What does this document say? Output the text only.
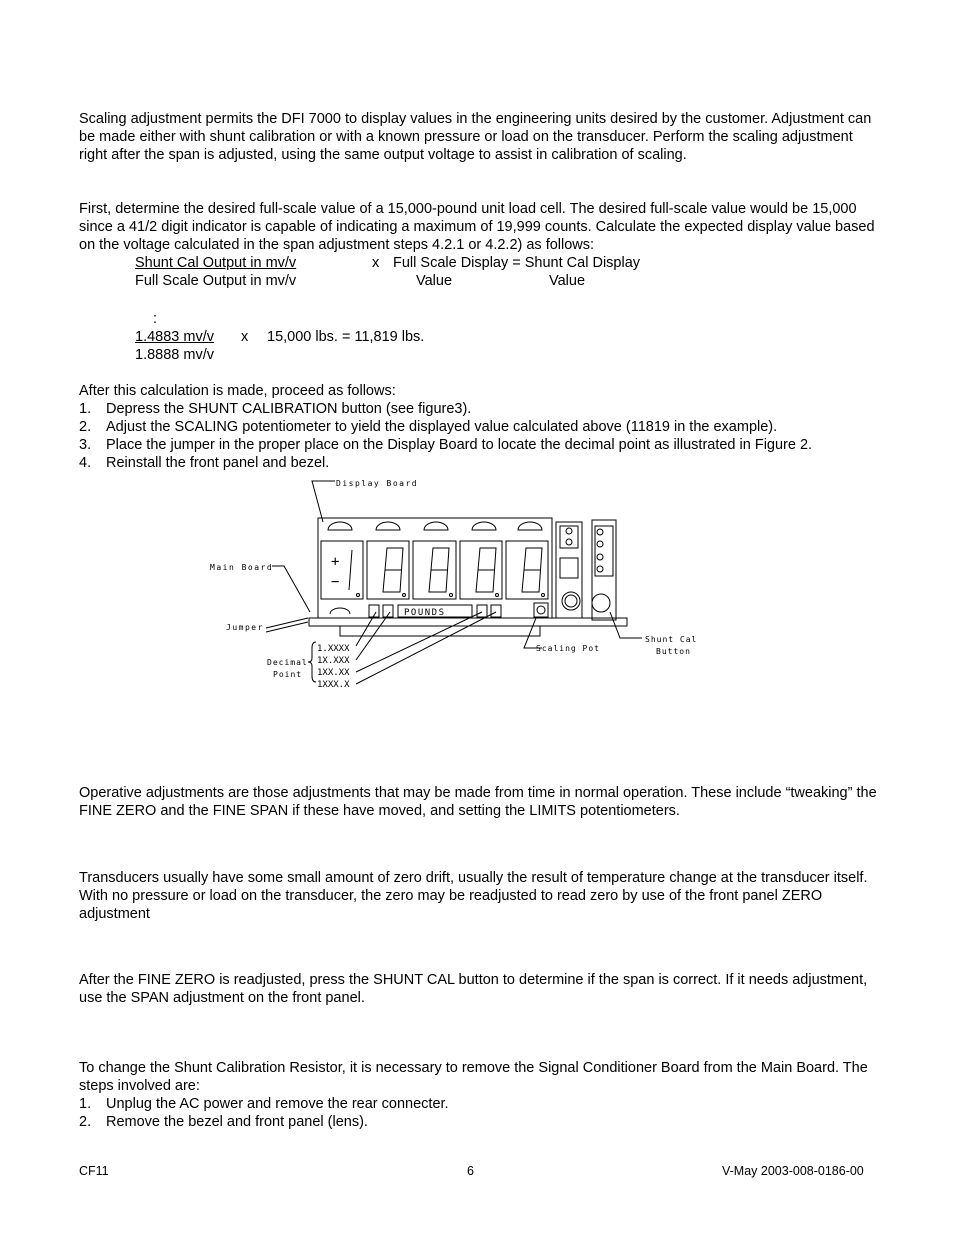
Scaling adjustment permits the DFI 7000 to display values in the engineering units desired by the customer. Adjustment can be made either with shunt calibration or with a known pressure or load on the transducer. Perform the scaling adjustment right after the span is adjusted, using the same output voltage to assist in calibration of scaling.

First, determine the desired full-scale value of a 15,000-pound unit load cell. The desired full-scale value would be 15,000 since a 41/2 digit indicator is capable of indicating a maximum of 19,999 counts. Calculate the expected display value based on the voltage calculated in the span adjustment steps 4.2.1 or 4.2.2) as follows:

Shunt Cal Output in mv/v	x Full Scale Display = Shunt Cal Display
Full Scale Output in mv/v	Value	Value
:
1.4883 mv/v x 15,000 lbs. = 11,819 lbs.
1.8888 mv/v

After this calculation is made, proceed as follows:

1. Depress the SHUNT CALIBRATION button (see figure3).
2. Adjust the SCALING potentiometer to yield the displayed value calculated above (11819 in the example).
3. Place the jumper in the proper place on the Display Board to locate the decimal point as illustrated in Figure 2.
4. Reinstall the front panel and bezel.
Display Board
Main Board
Jumper
Decimal
Point
1.XXXX
1X.XXX
1XX.XX
1XXX.X
POUNDS
Scaling Pot
Shunt Cal
Button
+
−

Operative adjustments are those adjustments that may be made from time in normal operation. These include “tweaking” the FINE ZERO and the FINE SPAN if these have moved, and setting the LIMITS potentiometers.

Transducers usually have some small amount of zero drift, usually the result of temperature change at the transducer itself. With no pressure or load on the transducer, the zero may be readjusted to read zero by use of the front panel ZERO adjustment

After the FINE ZERO is readjusted, press the SHUNT CAL button to determine if the span is correct. If it needs adjustment, use the SPAN adjustment on the front panel.

To change the Shunt Calibration Resistor, it is necessary to remove the Signal Conditioner Board from the Main Board. The steps involved are:

1. Unplug the AC power and remove the rear connecter.
2. Remove the bezel and front panel (lens).
CF11	6	V-May 2003-008-0186-00
